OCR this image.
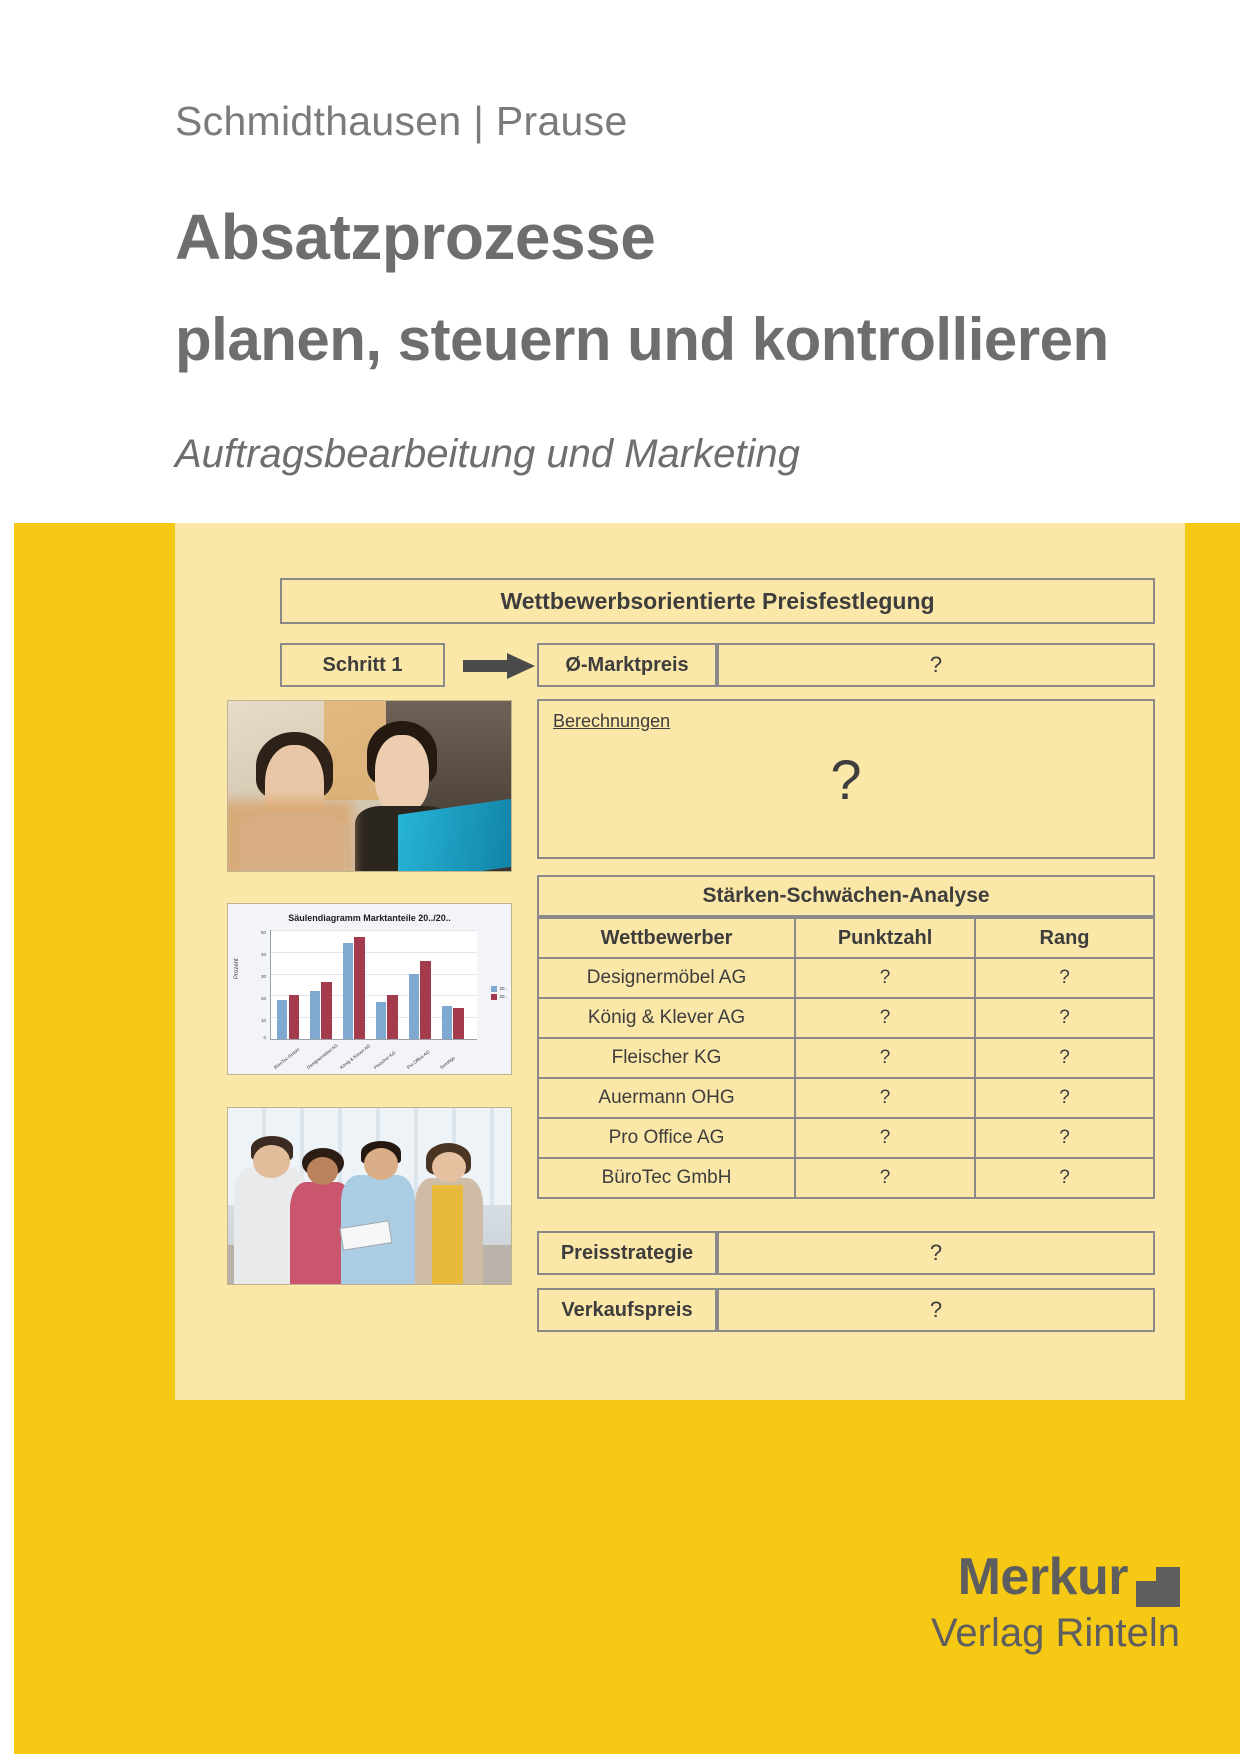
Schmidthausen | Prause
Absatzprozesse
planen, steuern und kontrollieren
Auftragsbearbeitung und Marketing
Wettbewerbsorientierte Preisfestlegung
Schritt 1	Ø-Marktpreis	?
Berechnungen
?
Stärken-Schwächen-Analyse
Wettbewerber	Punktzahl	Rang
Designermöbel AG	?	?
König & Klever AG	?	?
Fleischer KG	?	?
Auermann OHG	?	?
Pro Office AG	?	?
BüroTec GmbH	?	?
Preisstrategie	?
Verkaufspreis	?
Säulendiagramm Marktanteile 20../20..
Prozent
50
40
30
20
10
0
BüroTec GmbH Designermöbel AG König & Klever AG Fleischer KG Pro Office AG Sonstige
20..
20..
Merkur
Verlag Rinteln
